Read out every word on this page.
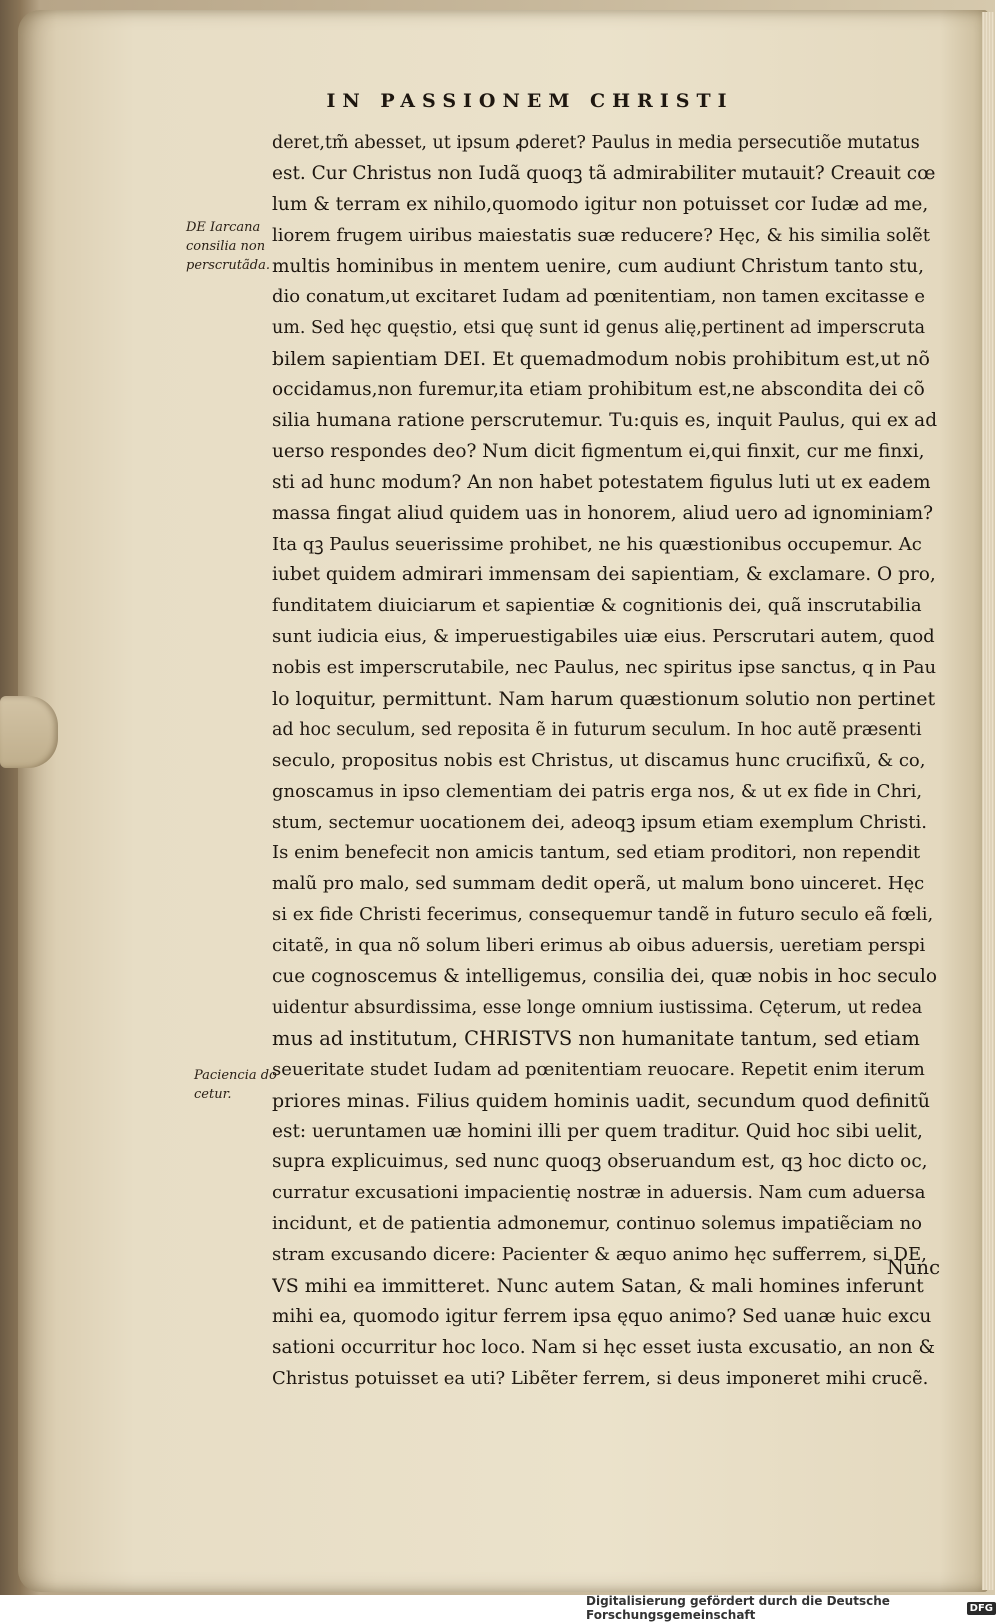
IN PASSIONEM CHRISTI
DE Iarcana consilia non perscrutãda.
Paciencia do cetur.
deret,tm̃ abesset, ut ipsum ꝓderet? Paulus in media persecutiõe mutatus
est. Cur Christus non Iudã quoqꝫ tã admirabiliter mutauit? Creauit cœ
lum & terram ex nihilo,quomodo igitur non potuisset cor Iudæ ad me,
liorem frugem uiribus maiestatis suæ reducere? Hęc, & his similia solẽt
multis hominibus in mentem uenire, cum audiunt Christum tanto stu,
dio conatum,ut excitaret Iudam ad pœnitentiam, non tamen excitasse e
um. Sed hęc quęstio, etsi quę sunt id genus alię,pertinent ad imperscruta
bilem sapientiam DEI. Et quemadmodum nobis prohibitum est,ut nõ
occidamus,non furemur,ita etiam prohibitum est,ne abscondita dei cõ
silia humana ratione perscrutemur. Tu:quis es, inquit Paulus, qui ex ad
uerso respondes deo? Num dicit figmentum ei,qui finxit, cur me finxi,
sti ad hunc modum? An non habet potestatem figulus luti ut ex eadem
massa fingat aliud quidem uas in honorem, aliud uero ad ignominiam?
Ita qꝫ Paulus seuerissime prohibet, ne his quæstionibus occupemur. Ac
iubet quidem admirari immensam dei sapientiam, & exclamare. O pro,
funditatem diuiciarum et sapientiæ & cognitionis dei, quã inscrutabilia
sunt iudicia eius, & imperuestigabiles uiæ eius. Perscrutari autem, quod
nobis est imperscrutabile, nec Paulus, nec spiritus ipse sanctus, q in Pau
lo loquitur, permittunt. Nam harum quæstionum solutio non pertinet
ad hoc seculum, sed reposita ẽ in futurum seculum. In hoc autẽ præsenti
seculo, propositus nobis est Christus, ut discamus hunc crucifixũ, & co,
gnoscamus in ipso clementiam dei patris erga nos, & ut ex fide in Chri,
stum, sectemur uocationem dei, adeoqꝫ ipsum etiam exemplum Christi.
Is enim benefecit non amicis tantum, sed etiam proditori, non rependit
malũ pro malo, sed summam dedit operã, ut malum bono uinceret. Hęc
si ex fide Christi fecerimus, consequemur tandẽ in futuro seculo eã fœli,
citatẽ, in qua nõ solum liberi erimus ab oibus aduersis, ueretiam perspi
cue cognoscemus & intelligemus, consilia dei, quæ nobis in hoc seculo
uidentur absurdissima, esse longe omnium iustissima. Cęterum, ut redea
mus ad institutum, CHRISTVS non humanitate tantum, sed etiam
seueritate studet Iudam ad pœnitentiam reuocare. Repetit enim iterum
priores minas. Filius quidem hominis uadit, secundum quod definitũ
est: ueruntamen uæ homini illi per quem traditur. Quid hoc sibi uelit,
supra explicuimus, sed nunc quoqꝫ obseruandum est, qꝫ hoc dicto oc,
curratur excusationi impacientię nostræ in aduersis. Nam cum aduersa
incidunt, et de patientia admonemur, continuo solemus impatiẽciam no
stram excusando dicere: Pacienter & æquo animo hęc sufferrem, si DE,
VS mihi ea immitteret. Nunc autem Satan, & mali homines inferunt
mihi ea, quomodo igitur ferrem ipsa ęquo animo? Sed uanæ huic excu
sationi occurritur hoc loco. Nam si hęc esset iusta excusatio, an non &
Christus potuisset ea uti? Libẽter ferrem, si deus imponeret mihi crucẽ.
Nunc
Digitalisierung gefördert durch die Deutsche Forschungsgemeinschaft	DFG
